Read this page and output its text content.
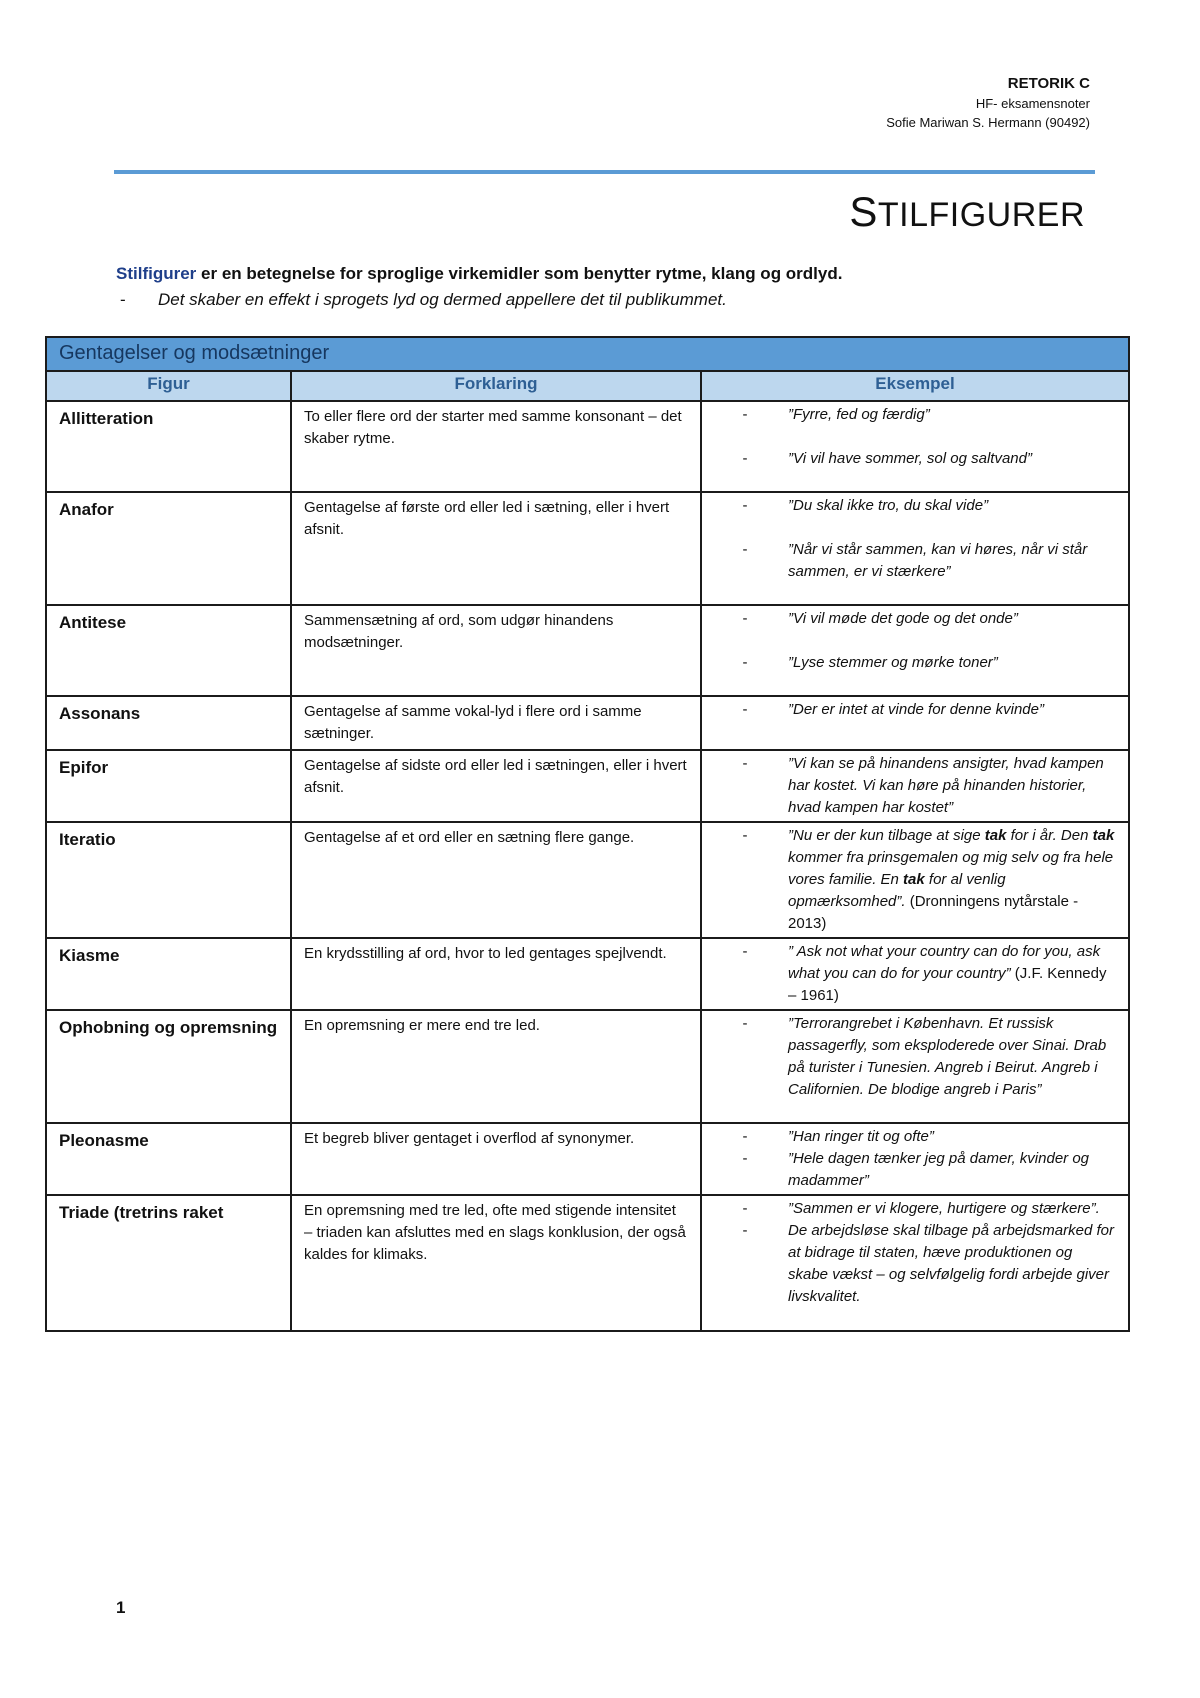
RETORIK C
HF- eksamensnoter
Sofie Mariwan S. Hermann (90492)
STILFIGURER
Stilfigurer er en betegnelse for sproglige virkemidler som benytter rytme, klang og ordlyd.
- Det skaber en effekt i sprogets lyd og dermed appellere det til publikummet.
Gentagelser og modsætninger		
Figur	Forklaring	Eksempel
Allitteration	To eller flere ord der starter med samme konsonant – det skaber rytme.	- ”Fyrre, fed og færdig”
- ”Vi vil have sommer, sol og saltvand”

Anafor	Gentagelse af første ord eller led i sætning, eller i hvert afsnit.	- ”Du skal ikke tro, du skal vide”
- ”Når vi står sammen, kan vi høres, når vi står sammen, er vi stærkere”

Antitese	Sammensætning af ord, som udgør hinandens modsætninger.	- ”Vi vil møde det gode og det onde”
- ”Lyse stemmer og mørke toner”

Assonans	Gentagelse af samme vokal-lyd i flere ord i samme sætninger.	- ”Der er intet at vinde for denne kvinde”

Epifor	Gentagelse af sidste ord eller led i sætningen, eller i hvert afsnit.	- ”Vi kan se på hinandens ansigter, hvad kampen har kostet. Vi kan høre på hinanden historier, hvad kampen har kostet”

Iteratio	Gentagelse af et ord eller en sætning flere gange.	- ”Nu er der kun tilbage at sige tak for i år. Den tak kommer fra prinsgemalen og mig selv og fra hele vores familie. En tak for al venlig opmærksomhed”. (Dronningens nytårstale - 2013)

Kiasme	En krydsstilling af ord, hvor to led gentages spejlvendt.	- ” Ask not what your country can do for you, ask what you can do for your country” (J.F. Kennedy – 1961)

Ophobning og opremsning	En opremsning er mere end tre led.	- ”Terrorangrebet i København. Et russisk passagerfly, som eksploderede over Sinai. Drab på turister i Tunesien. Angreb i Beirut. Angreb i Californien. De blodige angreb i Paris”

Pleonasme	Et begreb bliver gentaget i overflod af synonymer.	- ”Han ringer tit og ofte”
- ”Hele dagen tænker jeg på damer, kvinder og madammer”

Triade (tretrins raket	En opremsning med tre led, ofte med stigende intensitet – triaden kan afsluttes med en slags konklusion, der også kaldes for klimaks.	- ”Sammen er vi klogere, hurtigere og stærkere”.
- De arbejdsløse skal tilbage på arbejdsmarked for at bidrage til staten, hæve produktionen og skabe vækst – og selvfølgelig fordi arbejde giver livskvalitet.
1
